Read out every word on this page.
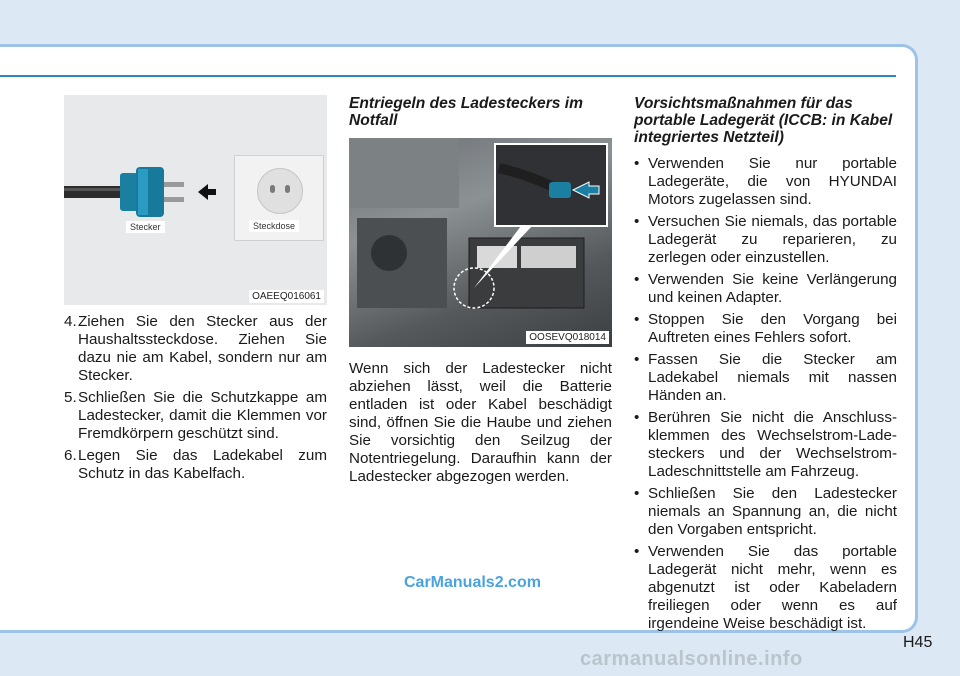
Stecker	Steckdose
OAEEQ016061
4. Ziehen Sie den Stecker aus der Haushaltssteckdose. Ziehen Sie dazu nie am Kabel, sondern nur am Stecker.

5. Schließen Sie die Schutzkappe am Ladestecker, damit die Klemmen vor Fremdkörpern geschützt sind.

6. Legen Sie das Ladekabel zum Schutz in das Kabelfach.

Entriegeln des Ladesteckers im Notfall
OOSEVQ018014

Wenn sich der Ladestecker nicht abziehen lässt, weil die Batterie entladen ist oder Kabel beschädigt sind, öffnen Sie die Haube und ziehen Sie vorsichtig den Seilzug der Notentriegelung. Daraufhin kann der Ladestecker abgezogen werden.

Vorsichtsmaßnahmen für das portable Ladegerät (ICCB: in Kabel integriertes Netzteil)
• Verwenden Sie nur portable Ladegeräte, die von HYUNDAI Motors zugelassen sind.
• Versuchen Sie niemals, das portable Ladegerät zu reparieren, zu zerlegen oder einzustellen.
• Verwenden Sie keine Verlängerung und keinen Adapter.
• Stoppen Sie den Vorgang bei Auftreten eines Fehlers sofort.
• Fassen Sie die Stecker am Ladekabel niemals mit nassen Händen an.
• Berühren Sie nicht die Anschluss-klemmen des Wechselstrom-Lade-steckers und der Wechselstrom-Ladeschnittstelle am Fahrzeug.
• Schließen Sie den Ladestecker niemals an Spannung an, die nicht den Vorgaben entspricht.
• Verwenden Sie das portable Ladegerät nicht mehr, wenn es abgenutzt ist oder Kabeladern freiliegen oder wenn es auf irgendeine Weise beschädigt ist.
CarManuals2.com
H45
carmanualsonline.info
